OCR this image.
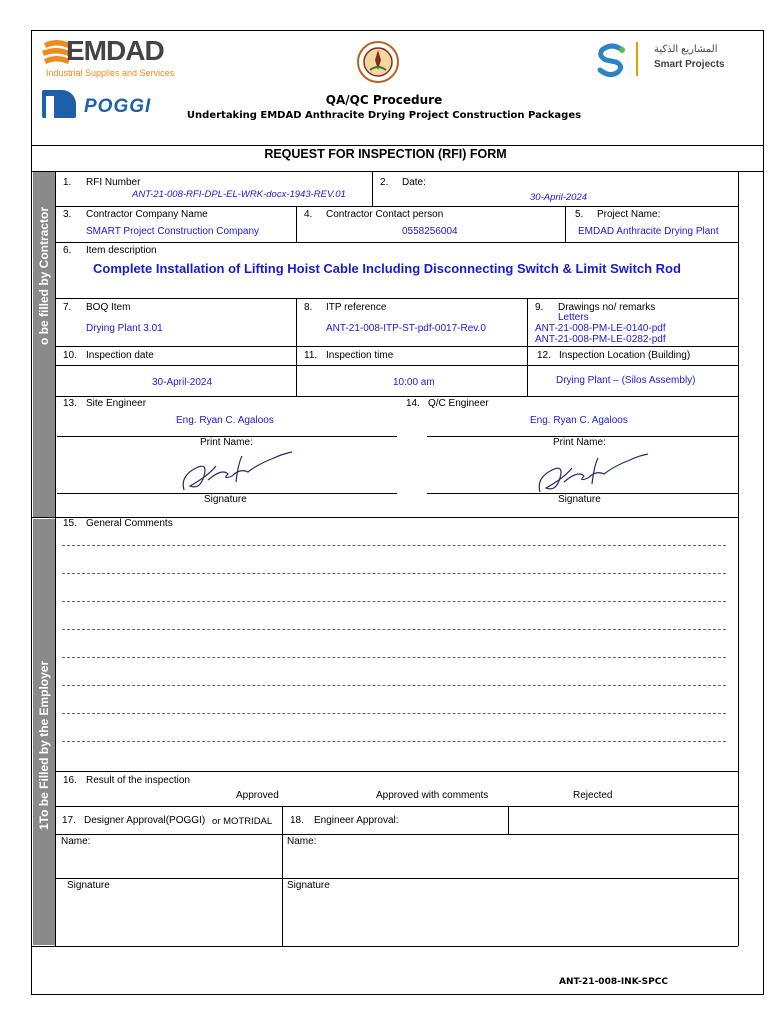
EMDAD
Industrial Supplies and Services
POGGI
المشاريع الذكية
Smart Projects
QA/QC Procedure
Undertaking EMDAD Anthracite Drying Project Construction Packages
REQUEST FOR INSPECTION (RFI) FORM
o be filled by Contractor
1To be Filled by the Employer
1. RFI Number
ANT-21-008-RFI-DPL-EL-WRK-docx-1943-REV.01
2. Date:
30-April-2024
3. Contractor Company Name
SMART Project Construction Company
4. Contractor Contact person
0558256004
5. Project Name:
EMDAD Anthracite Drying Plant
6. Item description
Complete Installation of Lifting Hoist Cable Including Disconnecting Switch & Limit Switch Rod
7. BOQ Item
Drying Plant 3.01
8. ITP reference
ANT-21-008-ITP-ST-pdf-0017-Rev.0
9. Drawings no/ remarks
Letters
ANT-21-008-PM-LE-0140-pdf
ANT-21-008-PM-LE-0282-pdf
10. Inspection date
30-April-2024
11. Inspection time
10:00 am
12. Inspection Location (Building)
Drying Plant – (Silos Assembly)
13. Site Engineer
Eng. Ryan C. Agaloos
Print Name:
Signature
14. Q/C Engineer
Eng. Ryan C. Agaloos
Print Name:
Signature
15. General Comments
16. Result of the inspection
Approved	Approved with comments	Rejected
17. Designer Approval(POGGI) or MOTRIDAL 18. Engineer Approval:
Name:	Name:
Signature	Signature
ANT-21-008-INK-SPCC
